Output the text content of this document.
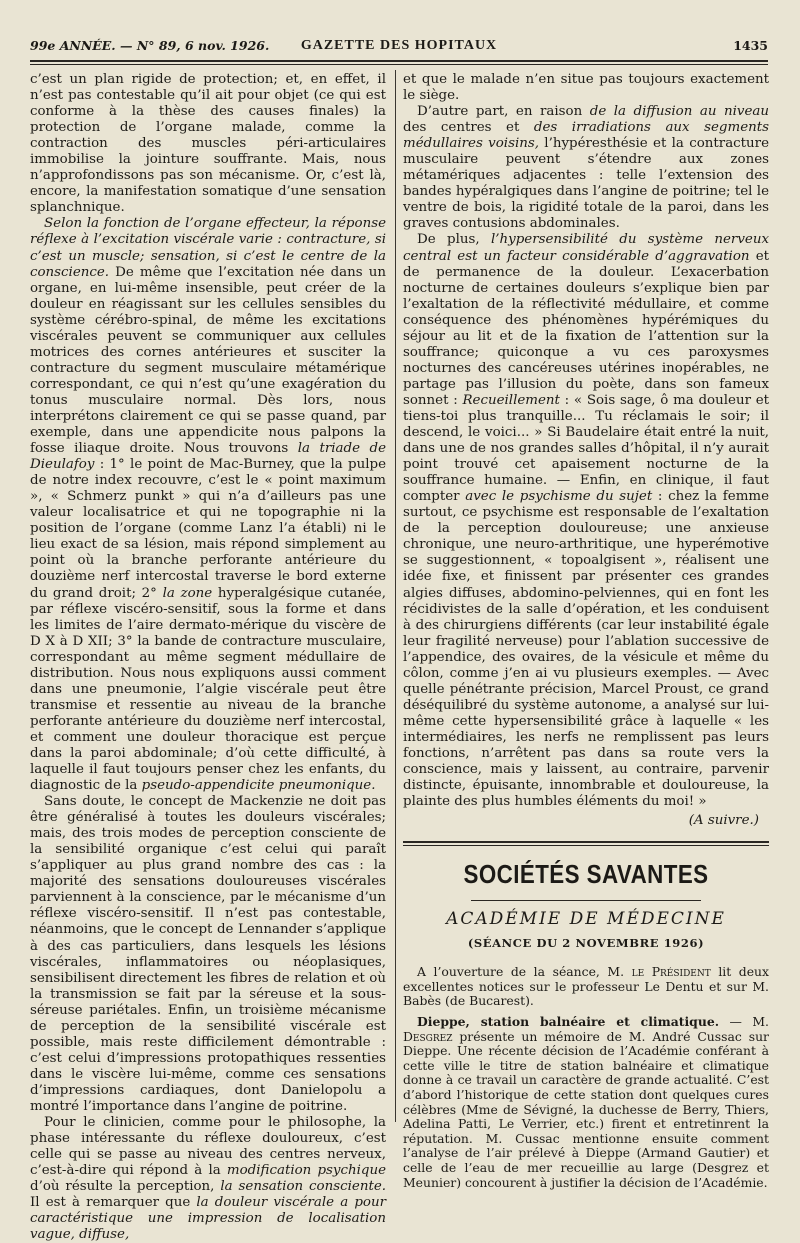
99e ANNÉE. — N° 89, 6 nov. 1926.	GAZETTE DES HOPITAUX	1435

c’est un plan rigide de protection; et, en effet, il n’est pas contestable qu’il ait pour objet (ce qui est conforme à la thèse des causes finales) la protection de l’organe malade, comme la contraction des muscles péri-articulaires immobilise la jointure souffrante. Mais, nous n’approfondissons pas son mécanisme. Or, c’est là, encore, la manifestation somatique d’une sensation splanchnique.

Selon la fonction de l’organe effecteur, la réponse réflexe à l’excitation viscérale varie : contracture, si c’est un muscle; sensation, si c’est le centre de la conscience. De même que l’excitation née dans un organe, en lui-même insensible, peut créer de la douleur en réagissant sur les cellules sensibles du système cérébro-spinal, de même les excitations viscérales peuvent se communiquer aux cellules motrices des cornes antérieures et susciter la contracture du segment musculaire métamérique correspondant, ce qui n’est qu’une exagération du tonus musculaire normal. Dès lors, nous interprétons clairement ce qui se passe quand, par exemple, dans une appendicite nous palpons la fosse iliaque droite. Nous trouvons la triade de Dieulafoy : 1° le point de Mac-Burney, que la pulpe de notre index recouvre, c’est le « point maximum », « Schmerz punkt » qui n’a d’ailleurs pas une valeur localisatrice et qui ne topographie ni la position de l’organe (comme Lanz l’a établi) ni le lieu exact de sa lésion, mais répond simplement au point où la branche perforante antérieure du douzième nerf intercostal traverse le bord externe du grand droit; 2° la zone hyperalgésique cutanée, par réflexe viscéro-sensitif, sous la forme et dans les limites de l’aire dermato-mérique du viscère de D X à D XII; 3° la bande de contracture musculaire, correspondant au même segment médullaire de distribution. Nous nous expliquons aussi comment dans une pneumonie, l’algie viscérale peut être transmise et ressentie au niveau de la branche perforante antérieure du douzième nerf intercostal, et comment une douleur thoracique est perçue dans la paroi abdominale; d’où cette difficulté, à laquelle il faut toujours penser chez les enfants, du diagnostic de la pseudo-appendicite pneumonique.

Sans doute, le concept de Mackenzie ne doit pas être généralisé à toutes les douleurs viscérales; mais, des trois modes de perception consciente de la sensibilité organique c’est celui qui paraît s’appliquer au plus grand nombre des cas : la majorité des sensations douloureuses viscérales parviennent à la conscience, par le mécanisme d’un réflexe viscéro-sensitif. Il n’est pas contestable, néanmoins, que le concept de Lennander s’applique à des cas particuliers, dans lesquels les lésions viscérales, inflammatoires ou néoplasiques, sensibilisent directement les fibres de relation et où la transmission se fait par la séreuse et la sous-séreuse pariétales. Enfin, un troisième mécanisme de perception de la sensibilité viscérale est possible, mais reste difficilement démontrable : c’est celui d’impressions protopathiques ressenties dans le viscère lui-même, comme ces sensations d’impressions cardiaques, dont Danielopolu a montré l’importance dans l’angine de poitrine.

Pour le clinicien, comme pour le philosophe, la phase intéressante du réflexe douloureux, c’est celle qui se passe au niveau des centres nerveux, c’est-à-dire qui répond à la modification psychique d’où résulte la perception, la sensation consciente. Il est à remarquer que la douleur viscérale a pour caractéristique une impression de localisation vague, diffuse,

et que le malade n’en situe pas toujours exactement le siège.

D’autre part, en raison de la diffusion au niveau des centres et des irradiations aux segments médullaires voisins, l’hypéresthésie et la contracture musculaire peuvent s’étendre aux zones métamériques adjacentes : telle l’extension des bandes hypéralgiques dans l’angine de poitrine; tel le ventre de bois, la rigidité totale de la paroi, dans les graves contusions abdominales.

De plus, l’hypersensibilité du système nerveux central est un facteur considérable d’aggravation et de permanence de la douleur. L’exacerbation nocturne de certaines douleurs s’explique bien par l’exaltation de la réflectivité médullaire, et comme conséquence des phénomènes hypérémiques du séjour au lit et de la fixation de l’attention sur la souffrance; quiconque a vu ces paroxysmes nocturnes des cancéreuses utérines inopérables, ne partage pas l’illusion du poète, dans son fameux sonnet : Recueillement : « Sois sage, ô ma douleur et tiens-toi plus tranquille... Tu réclamais le soir; il descend, le voici... » Si Baudelaire était entré la nuit, dans une de nos grandes salles d’hôpital, il n’y aurait point trouvé cet apaisement nocturne de la souffrance humaine. — Enfin, en clinique, il faut compter avec le psychisme du sujet : chez la femme surtout, ce psychisme est responsable de l’exaltation de la perception douloureuse; une anxieuse chronique, une neuro-arthritique, une hyperémotive se suggestionnent, « topoalgisent », réalisent une idée fixe, et finissent par présenter ces grandes algies diffuses, abdomino-pelviennes, qui en font les récidivistes de la salle d’opération, et les conduisent à des chirurgiens différents (car leur instabilité égale leur fragilité nerveuse) pour l’ablation successive de l’appendice, des ovaires, de la vésicule et même du côlon, comme j’en ai vu plusieurs exemples. — Avec quelle pénétrante précision, Marcel Proust, ce grand déséquilibré du système autonome, a analysé sur lui-même cette hypersensibilité grâce à laquelle « les intermédiaires, les nerfs ne remplissent pas leurs fonctions, n’arrêtent pas dans sa route vers la conscience, mais y laissent, au contraire, parvenir distincte, épuisante, innombrable et douloureuse, la plainte des plus humbles éléments du moi! »

(A suivre.)
SOCIÉTÉS SAVANTES
ACADÉMIE DE MÉDECINE
(SÉANCE DU 2 NOVEMBRE 1926)

A l’ouverture de la séance, M. le Président lit deux excellentes notices sur le professeur Le Dentu et sur M. Babès (de Bucarest).

Dieppe, station balnéaire et climatique. — M. Desgrez présente un mémoire de M. André Cussac sur Dieppe. Une récente décision de l’Académie conférant à cette ville le titre de station balnéaire et climatique donne à ce travail un caractère de grande actualité. C’est d’abord l’historique de cette station dont quelques cures célèbres (Mme de Sévigné, la duchesse de Berry, Thiers, Adelina Patti, Le Verrier, etc.) firent et entretinrent la réputation. M. Cussac mentionne ensuite comment l’analyse de l’air prélevé à Dieppe (Armand Gautier) et celle de l’eau de mer recueillie au large (Desgrez et Meunier) concourent à justifier la décision de l’Académie.
